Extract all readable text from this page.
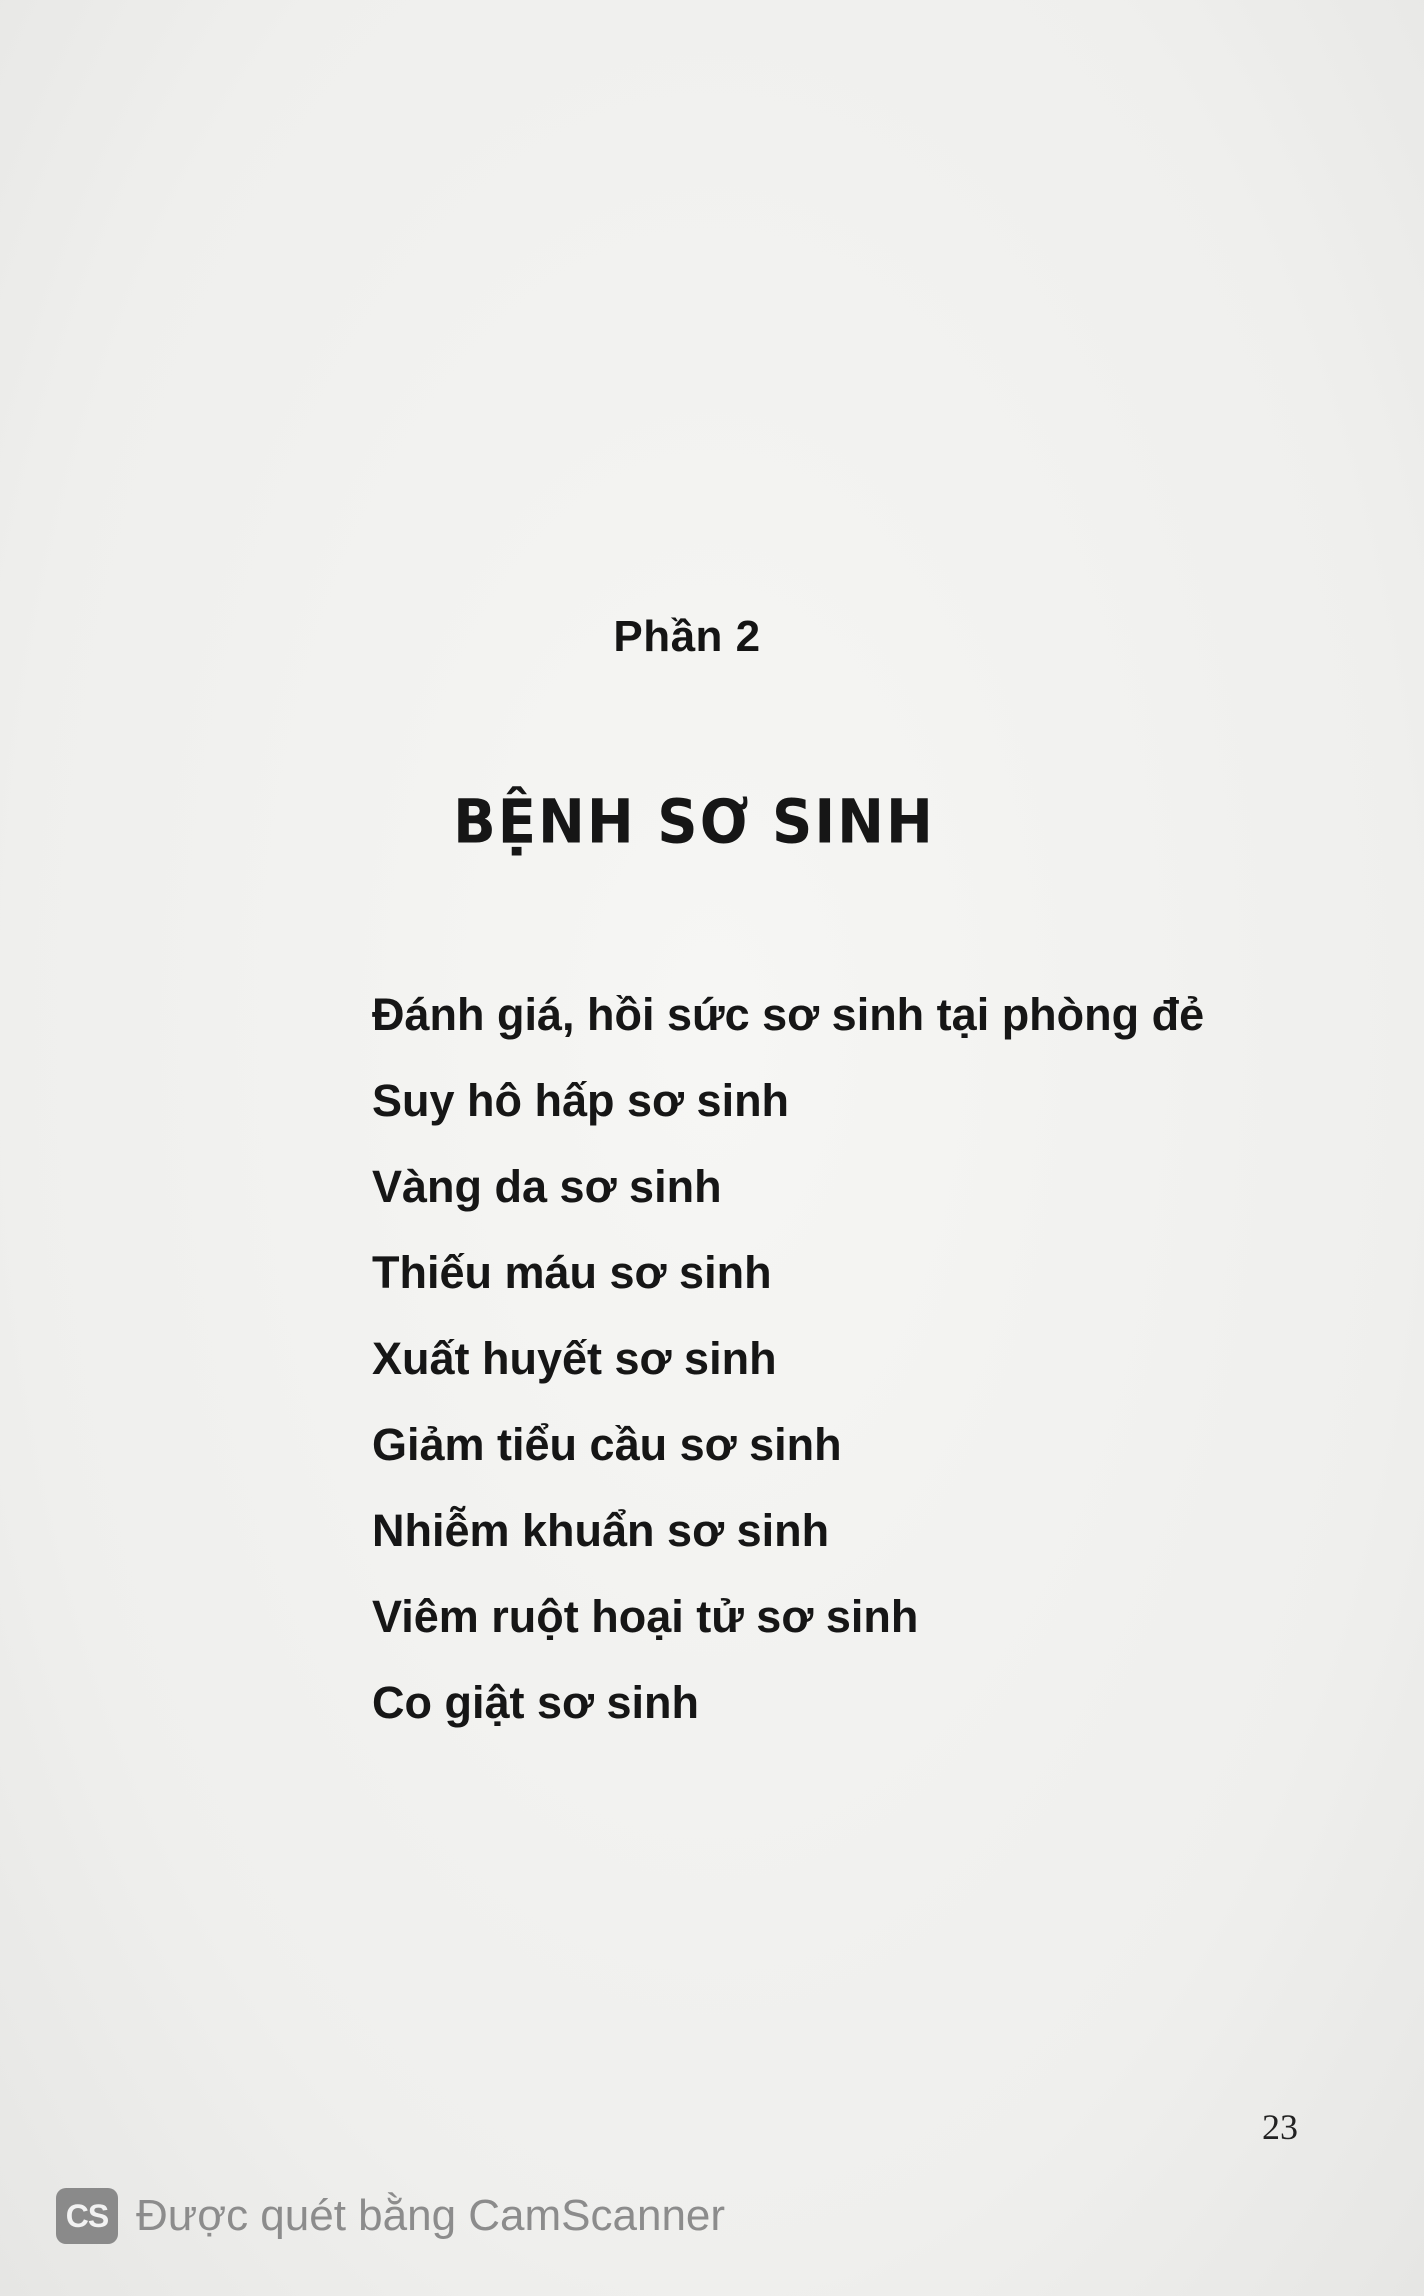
Phần 2
BỆNH SƠ SINH
Đánh giá, hồi sức sơ sinh tại phòng đẻ
Suy hô hấp sơ sinh
Vàng da sơ sinh
Thiếu máu sơ sinh
Xuất huyết sơ sinh
Giảm tiểu cầu sơ sinh
Nhiễm khuẩn sơ sinh
Viêm ruột hoại tử sơ sinh
Co giật sơ sinh
23
CS Được quét bằng CamScanner
